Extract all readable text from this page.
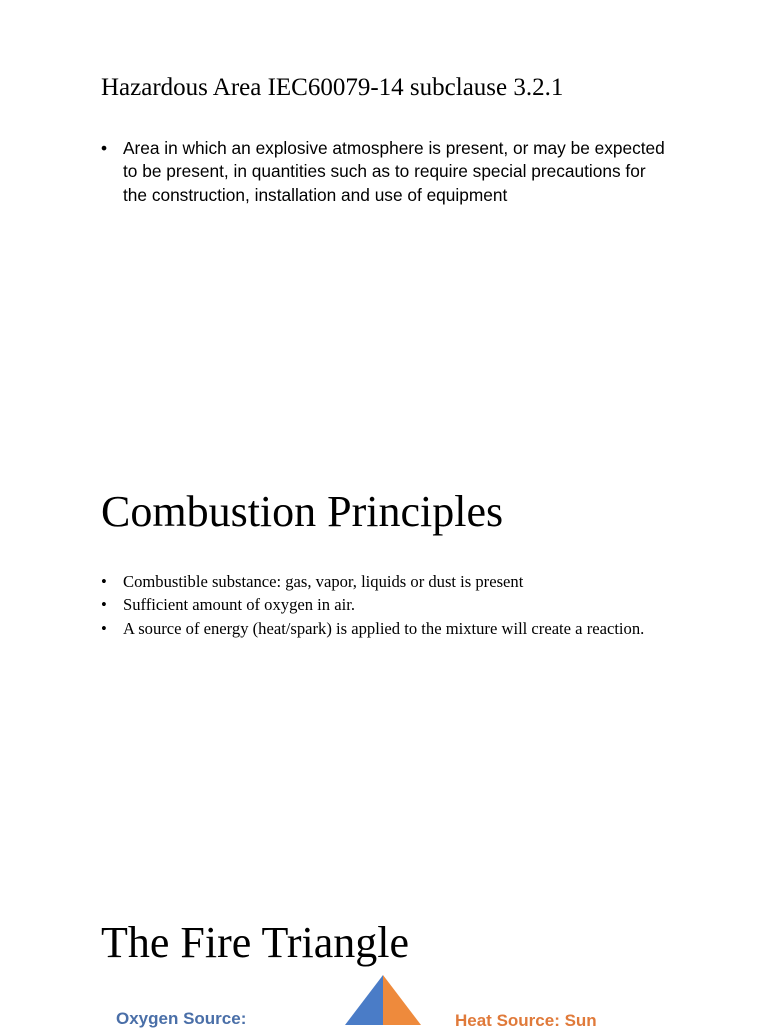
Hazardous Area IEC60079-14 subclause 3.2.1
• Area in which an explosive atmosphere is present, or may be expected to be present, in quantities such as to require special precautions for the construction, installation and use of equipment
Combustion Principles
• Combustible substance: gas, vapor, liquids or dust is present
• Sufficient amount of oxygen in air.
• A source of energy (heat/spark) is applied to the mixture will create a reaction.
The Fire Triangle
Oxygen Source:	Heat Source: Sun
